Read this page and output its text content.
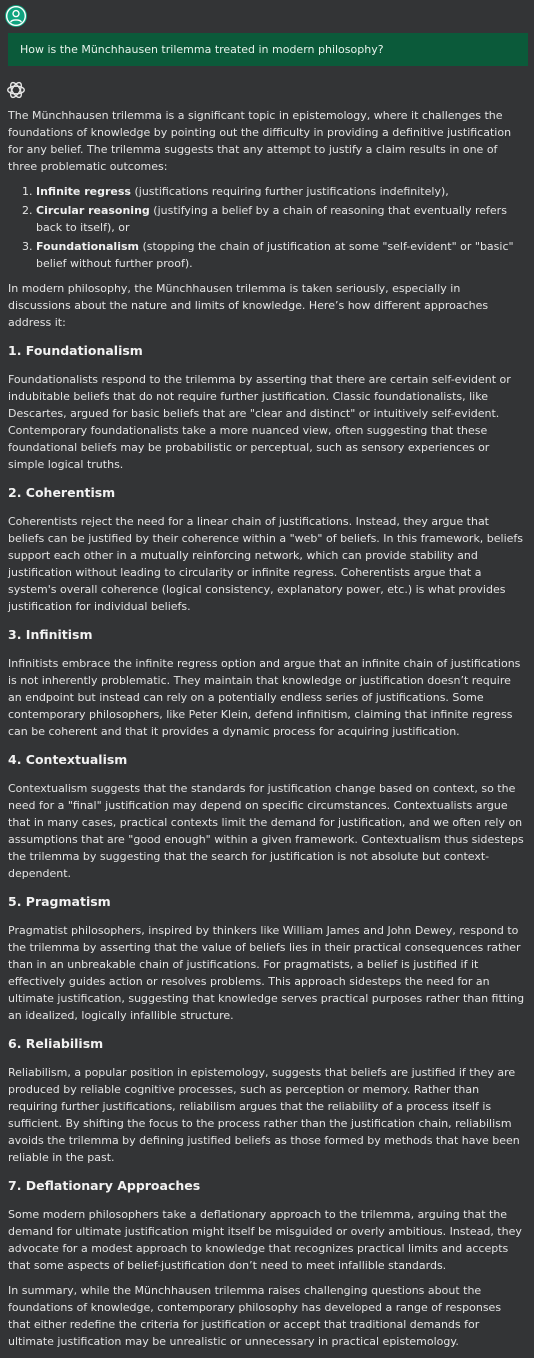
How is the Münchhausen trilemma treated in modern philosophy?

The Münchhausen trilemma is a significant topic in epistemology, where it challenges the foundations of knowledge by pointing out the difficulty in providing a definitive justification for any belief. The trilemma suggests that any attempt to justify a claim results in one of three problematic outcomes:

1. Infinite regress (justifications requiring further justifications indefinitely),
2. Circular reasoning (justifying a belief by a chain of reasoning that eventually refers back to itself), or
3. Foundationalism (stopping the chain of justification at some "self-evident" or "basic" belief without further proof).

In modern philosophy, the Münchhausen trilemma is taken seriously, especially in discussions about the nature and limits of knowledge. Here’s how different approaches address it:

1. Foundationalism

Foundationalists respond to the trilemma by asserting that there are certain self-evident or indubitable beliefs that do not require further justification. Classic foundationalists, like Descartes, argued for basic beliefs that are "clear and distinct" or intuitively self-evident. Contemporary foundationalists take a more nuanced view, often suggesting that these foundational beliefs may be probabilistic or perceptual, such as sensory experiences or simple logical truths.

2. Coherentism

Coherentists reject the need for a linear chain of justifications. Instead, they argue that beliefs can be justified by their coherence within a "web" of beliefs. In this framework, beliefs support each other in a mutually reinforcing network, which can provide stability and justification without leading to circularity or infinite regress. Coherentists argue that a system's overall coherence (logical consistency, explanatory power, etc.) is what provides justification for individual beliefs.

3. Infinitism

Infinitists embrace the infinite regress option and argue that an infinite chain of justifications is not inherently problematic. They maintain that knowledge or justification doesn’t require an endpoint but instead can rely on a potentially endless series of justifications. Some contemporary philosophers, like Peter Klein, defend infinitism, claiming that infinite regress can be coherent and that it provides a dynamic process for acquiring justification.

4. Contextualism

Contextualism suggests that the standards for justification change based on context, so the need for a "final" justification may depend on specific circumstances. Contextualists argue that in many cases, practical contexts limit the demand for justification, and we often rely on assumptions that are "good enough" within a given framework. Contextualism thus sidesteps the trilemma by suggesting that the search for justification is not absolute but context-dependent.

5. Pragmatism

Pragmatist philosophers, inspired by thinkers like William James and John Dewey, respond to the trilemma by asserting that the value of beliefs lies in their practical consequences rather than in an unbreakable chain of justifications. For pragmatists, a belief is justified if it effectively guides action or resolves problems. This approach sidesteps the need for an ultimate justification, suggesting that knowledge serves practical purposes rather than fitting an idealized, logically infallible structure.

6. Reliabilism

Reliabilism, a popular position in epistemology, suggests that beliefs are justified if they are produced by reliable cognitive processes, such as perception or memory. Rather than requiring further justifications, reliabilism argues that the reliability of a process itself is sufficient. By shifting the focus to the process rather than the justification chain, reliabilism avoids the trilemma by defining justified beliefs as those formed by methods that have been reliable in the past.

7. Deflationary Approaches

Some modern philosophers take a deflationary approach to the trilemma, arguing that the demand for ultimate justification might itself be misguided or overly ambitious. Instead, they advocate for a modest approach to knowledge that recognizes practical limits and accepts that some aspects of belief-justification don’t need to meet infallible standards.

In summary, while the Münchhausen trilemma raises challenging questions about the foundations of knowledge, contemporary philosophy has developed a range of responses that either redefine the criteria for justification or accept that traditional demands for ultimate justification may be unrealistic or unnecessary in practical epistemology.
